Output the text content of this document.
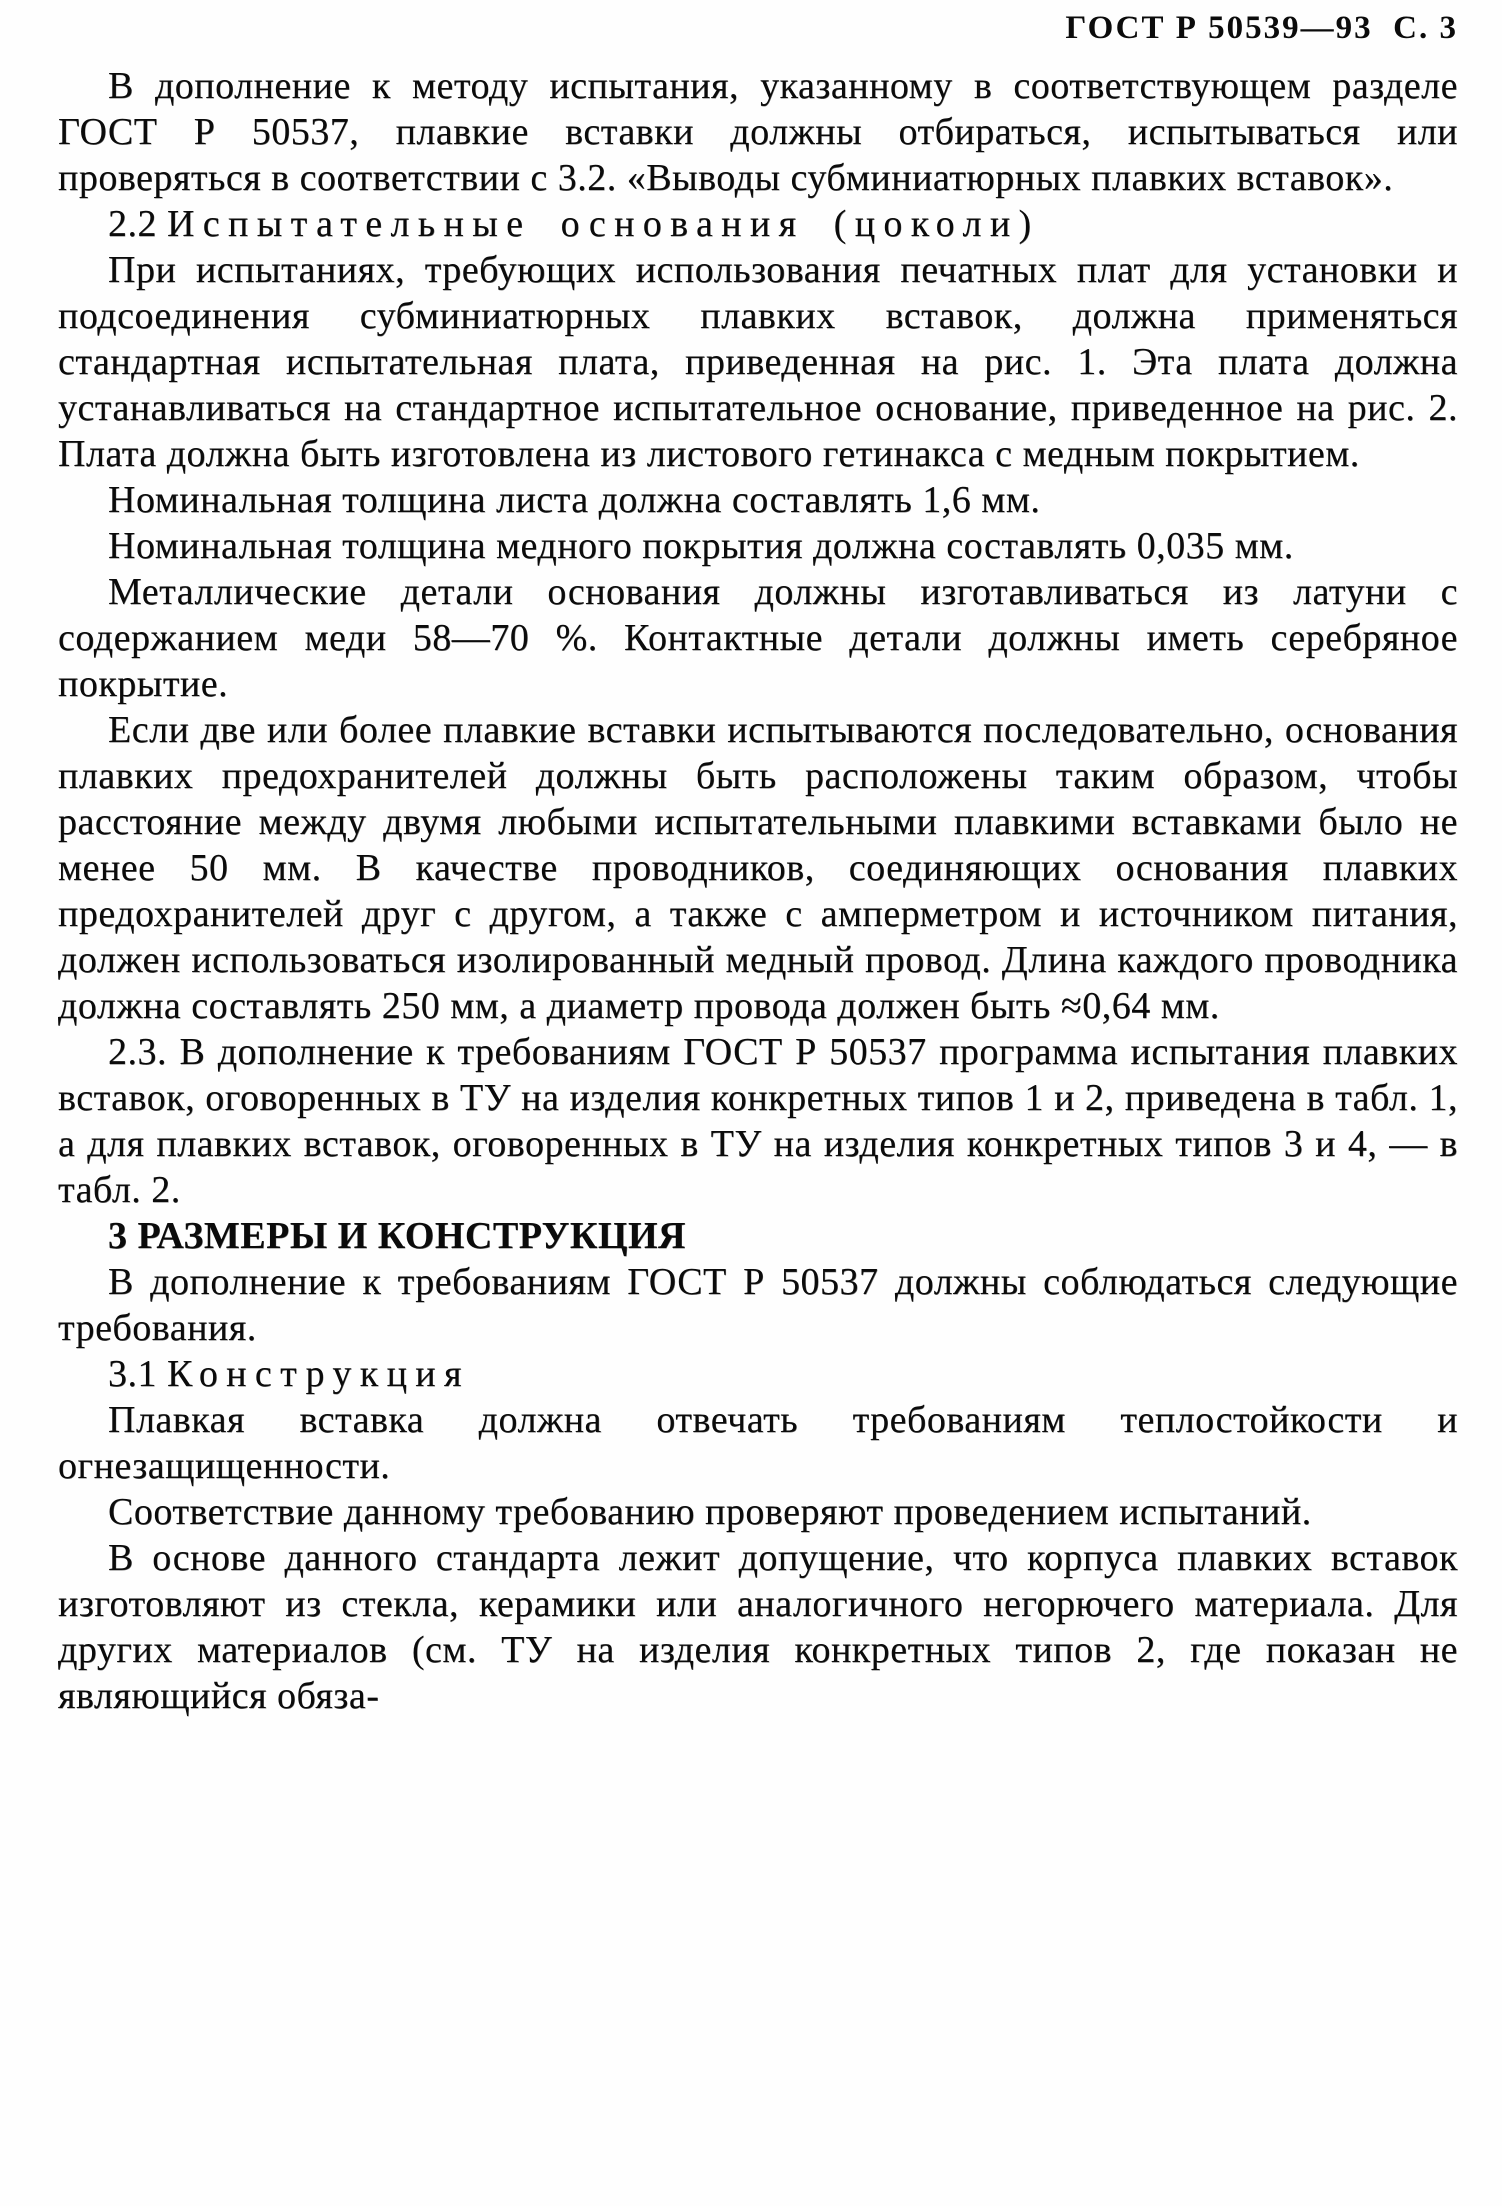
ГОСТ Р 50539—93  С. 3

В дополнение к методу испытания, указанному в соответствующем разделе ГОСТ Р 50537, плавкие вставки должны отбираться, испытываться или проверяться в соответствии с 3.2. «Выводы субминиатюрных плавких вставок».

2.2 Испытательные основания (цоколи)

При испытаниях, требующих использования печатных плат для установки и подсоединения субминиатюрных плавких вставок, должна применяться стандартная испытательная плата, приведенная на рис. 1. Эта плата должна устанавливаться на стандартное испытательное основание, приведенное на рис. 2. Плата должна быть изготовлена из листового гетинакса с медным покрытием.

Номинальная толщина листа должна составлять 1,6 мм.

Номинальная толщина медного покрытия должна составлять 0,035 мм.

Металлические детали основания должны изготавливаться из латуни с содержанием меди 58—70 %. Контактные детали должны иметь серебряное покрытие.

Если две или более плавкие вставки испытываются последовательно, основания плавких предохранителей должны быть расположены таким образом, чтобы расстояние между двумя любыми испытательными плавкими вставками было не менее 50 мм. В качестве проводников, соединяющих основания плавких предохранителей друг с другом, а также с амперметром и источником питания, должен использоваться изолированный медный провод. Длина каждого проводника должна составлять 250 мм, а диаметр провода должен быть ≈0,64 мм.

2.3. В дополнение к требованиям ГОСТ Р 50537 программа испытания плавких вставок, оговоренных в ТУ на изделия конкретных типов 1 и 2, приведена в табл. 1, а для плавких вставок, оговоренных в ТУ на изделия конкретных типов 3 и 4, — в табл. 2.

3 РАЗМЕРЫ И КОНСТРУКЦИЯ

В дополнение к требованиям ГОСТ Р 50537 должны соблюдаться следующие требования.

3.1 Конструкция

Плавкая вставка должна отвечать требованиям теплостойкости и огнезащищенности.

Соответствие данному требованию проверяют проведением испытаний.

В основе данного стандарта лежит допущение, что корпуса плавких вставок изготовляют из стекла, керамики или аналогичного негорючего материала. Для других материалов (см. ТУ на изделия конкретных типов 2, где показан не являющийся обяза-
